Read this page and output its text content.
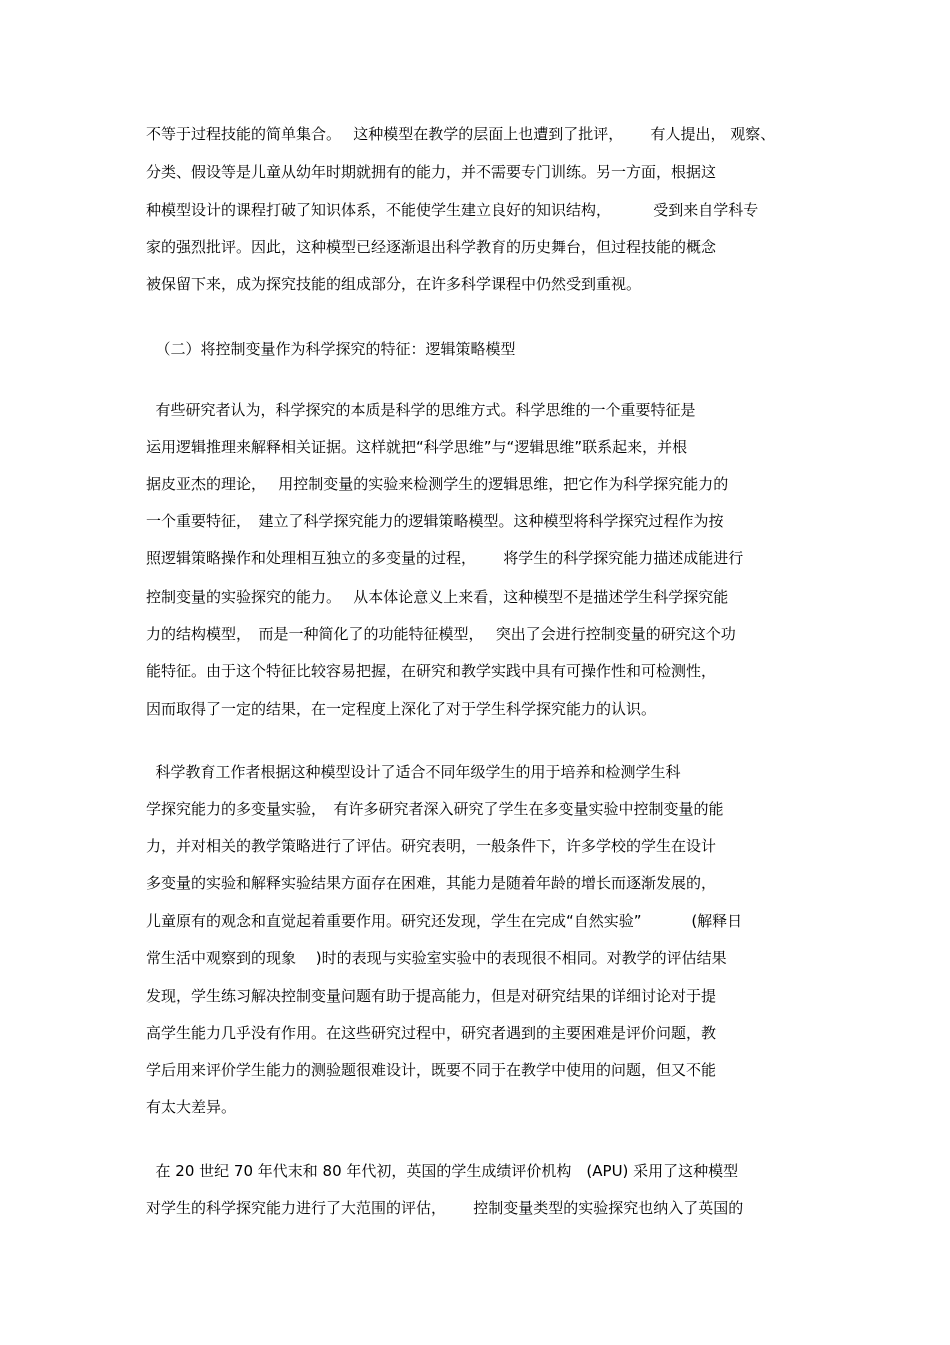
不等于过程技能的简单集合。　 这种模型在教学的层面上也遭到了批评，　　 有人提出， 观察、
分类、假设等是儿童从幼年时期就拥有的能力，并不需要专门训练。另一方面，根据这
种模型设计的课程打破了知识体系，不能使学生建立良好的知识结构，　　　 受到来自学科专
家的强烈批评。因此，这种模型已经逐渐退出科学教育的历史舞台，但过程技能的概念
被保留下来，成为探究技能的组成部分，在许多科学课程中仍然受到重视。
（二）将控制变量作为科学探究的特征：逻辑策略模型
有些研究者认为，科学探究的本质是科学的思维方式。科学思维的一个重要特征是
运用逻辑推理来解释相关证据。这样就把“科学思维”与“逻辑思维”联系起来，并根
据皮亚杰的理论，　 用控制变量的实验来检测学生的逻辑思维，把它作为科学探究能力的
一个重要特征，　建立了科学探究能力的逻辑策略模型。这种模型将科学探究过程作为按
照逻辑策略操作和处理相互独立的多变量的过程，　　 将学生的科学探究能力描述成能进行
控制变量的实验探究的能力。　 从本体论意义上来看，这种模型不是描述学生科学探究能
力的结构模型，　而是一种简化了的功能特征模型，　 突出了会进行控制变量的研究这个功
能特征。由于这个特征比较容易把握，在研究和教学实践中具有可操作性和可检测性，
因而取得了一定的结果，在一定程度上深化了对于学生科学探究能力的认识。
科学教育工作者根据这种模型设计了适合不同年级学生的用于培养和检测学生科
学探究能力的多变量实验，　有许多研究者深入研究了学生在多变量实验中控制变量的能
力，并对相关的教学策略进行了评估。研究表明，一般条件下，许多学校的学生在设计
多变量的实验和解释实验结果方面存在困难，其能力是随着年龄的增长而逐渐发展的，
儿童原有的观念和直觉起着重要作用。研究还发现，学生在完成“自然实验”　　　 (解释日
常生活中观察到的现象　 )时的表现与实验室实验中的表现很不相同。对教学的评估结果
发现，学生练习解决控制变量问题有助于提高能力，但是对研究结果的详细讨论对于提
高学生能力几乎没有作用。在这些研究过程中，研究者遇到的主要困难是评价问题，教
学后用来评价学生能力的测验题很难设计，既要不同于在教学中使用的问题，但又不能
有太大差异。
在 20 世纪 70 年代末和 80 年代初，英国的学生成绩评价机构　(APU) 采用了这种模型
对学生的科学探究能力进行了大范围的评估，　　 控制变量类型的实验探究也纳入了英国的
